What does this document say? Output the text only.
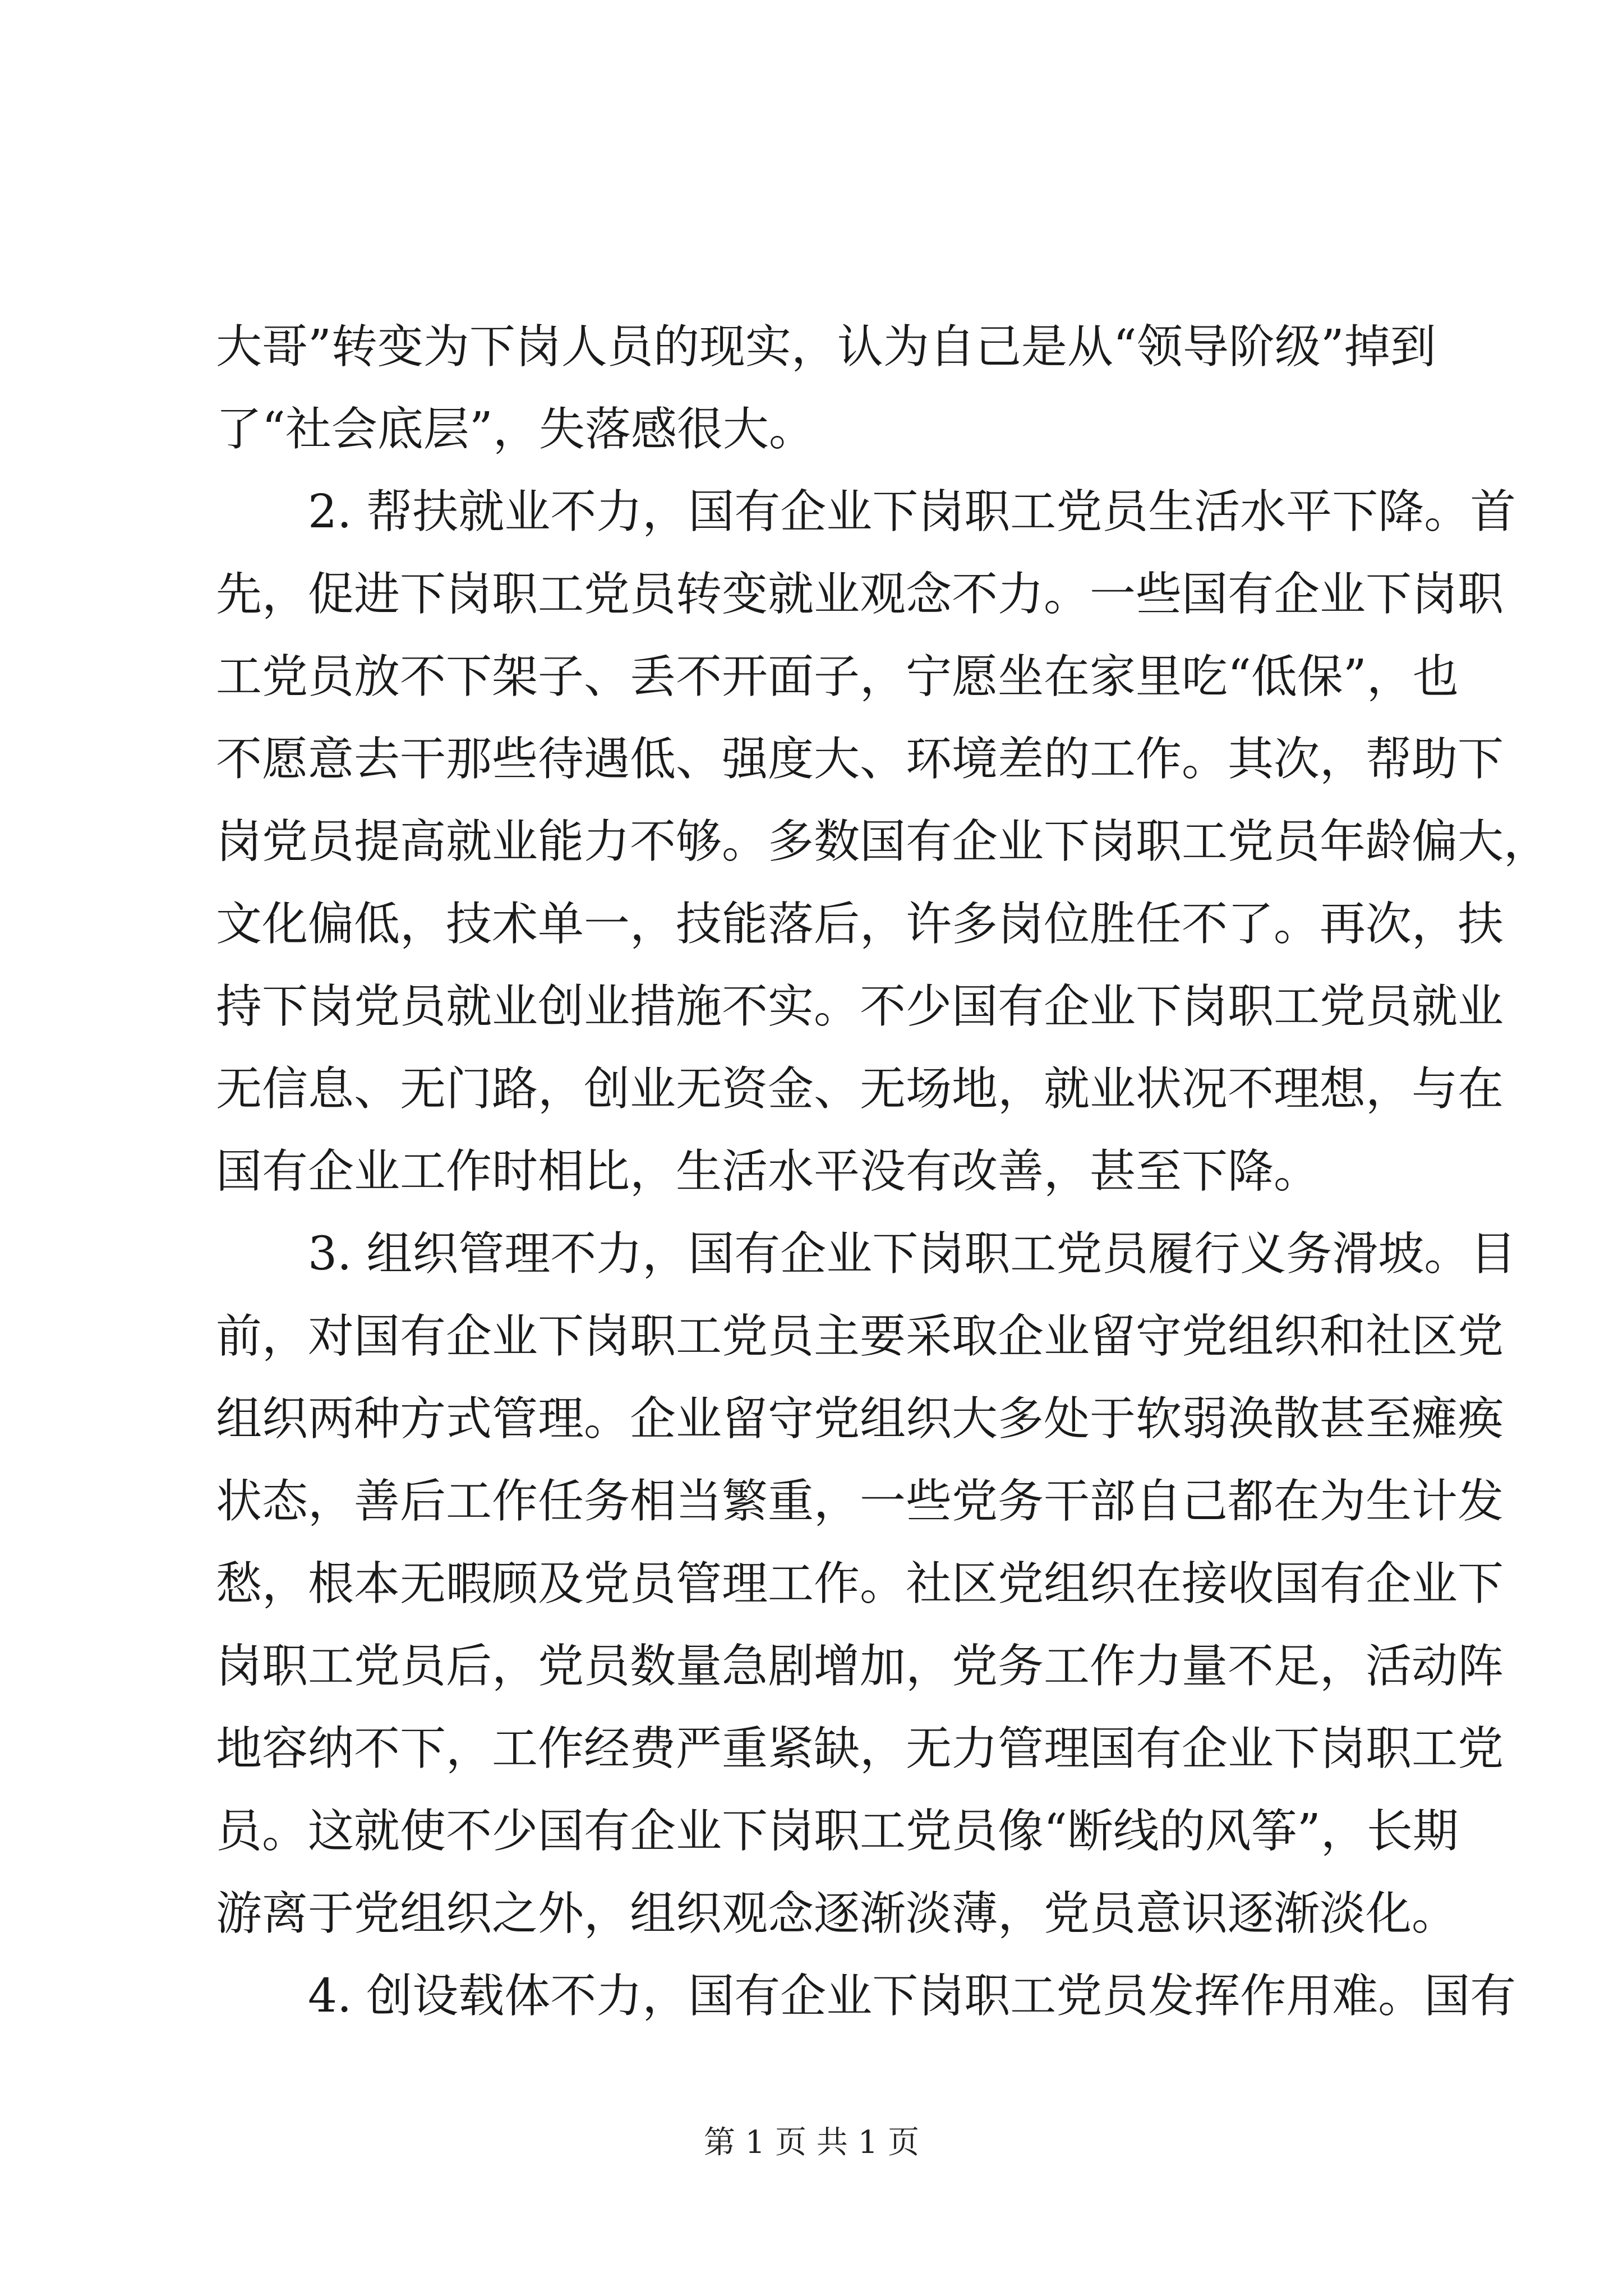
大哥”转变为下岗人员的现实，认为自己是从“领导阶级”掉到
了“社会底层”，失落感很大。
2. 帮扶就业不力，国有企业下岗职工党员生活水平下降。首
先，促进下岗职工党员转变就业观念不力。一些国有企业下岗职
工党员放不下架子、丢不开面子，宁愿坐在家里吃“低保”，也
不愿意去干那些待遇低、强度大、环境差的工作。其次，帮助下
岗党员提高就业能力不够。多数国有企业下岗职工党员年龄偏大，
文化偏低，技术单一，技能落后，许多岗位胜任不了。再次，扶
持下岗党员就业创业措施不实。不少国有企业下岗职工党员就业
无信息、无门路，创业无资金、无场地，就业状况不理想，与在
国有企业工作时相比，生活水平没有改善，甚至下降。
3. 组织管理不力，国有企业下岗职工党员履行义务滑坡。目
前，对国有企业下岗职工党员主要采取企业留守党组织和社区党
组织两种方式管理。企业留守党组织大多处于软弱涣散甚至瘫痪
状态，善后工作任务相当繁重，一些党务干部自己都在为生计发
愁，根本无暇顾及党员管理工作。社区党组织在接收国有企业下
岗职工党员后，党员数量急剧增加，党务工作力量不足，活动阵
地容纳不下，工作经费严重紧缺，无力管理国有企业下岗职工党
员。这就使不少国有企业下岗职工党员像“断线的风筝”，长期
游离于党组织之外，组织观念逐渐淡薄，党员意识逐渐淡化。
4. 创设载体不力，国有企业下岗职工党员发挥作用难。国有
第 1 页 共 1 页
